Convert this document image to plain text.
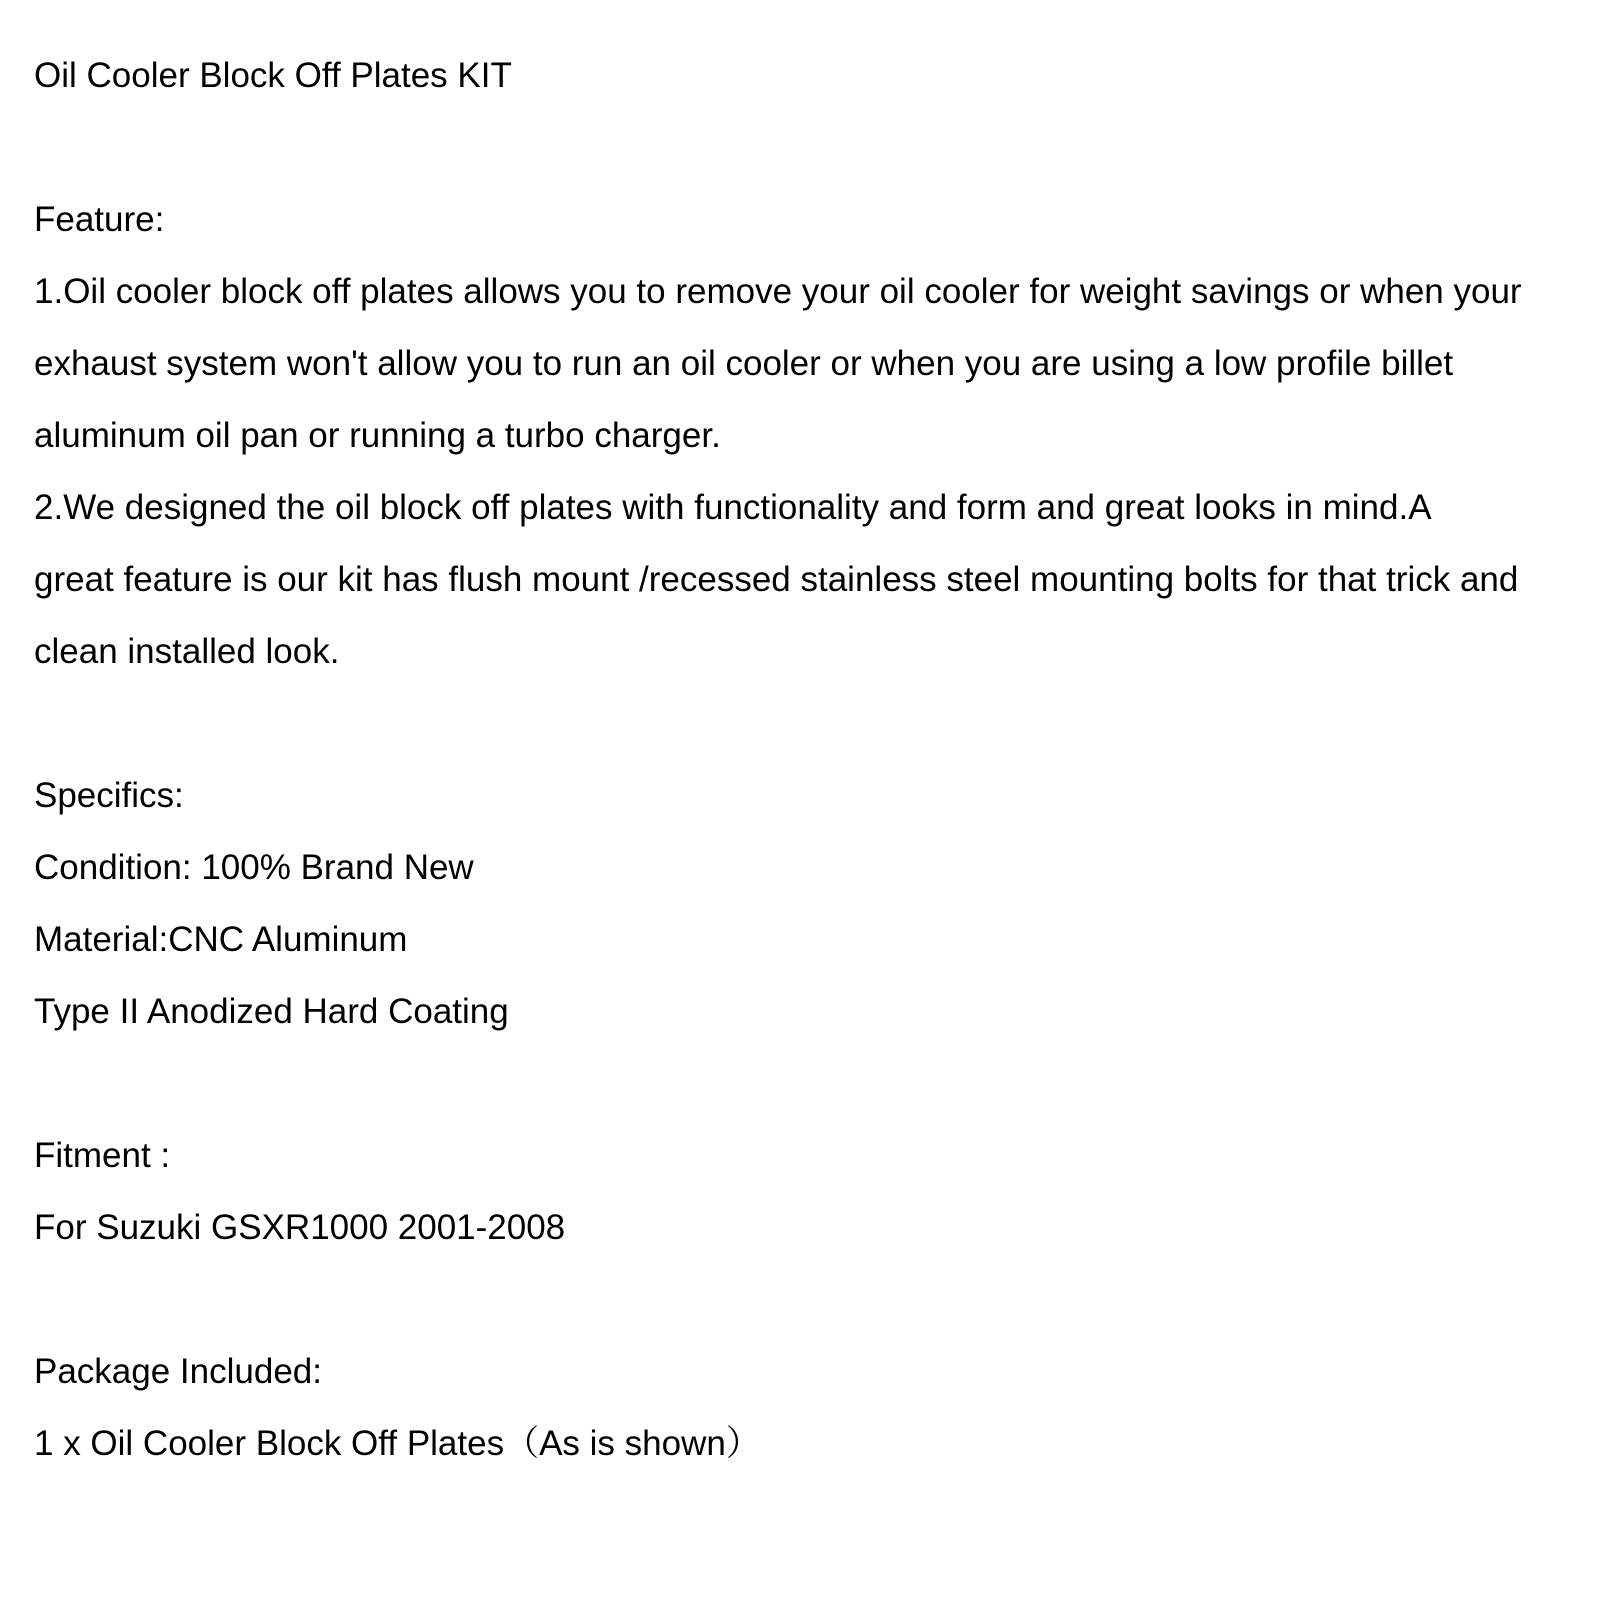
Oil Cooler Block Off Plates KIT
Feature:
1.Oil cooler block off plates allows you to remove your oil cooler for weight savings or when your
exhaust system won't allow you to run an oil cooler or when you are using a low profile billet
aluminum oil pan or running a turbo charger.
2.We designed the oil block off plates with functionality and form and great looks in mind.A
great feature is our kit has flush mount /recessed stainless steel mounting bolts for that trick and
clean installed look.
Specifics:
Condition: 100% Brand New
Material:CNC Aluminum
Type II Anodized Hard Coating
Fitment :
For Suzuki GSXR1000 2001-2008
Package Included:
1 x Oil Cooler Block Off Plates（As is shown）
